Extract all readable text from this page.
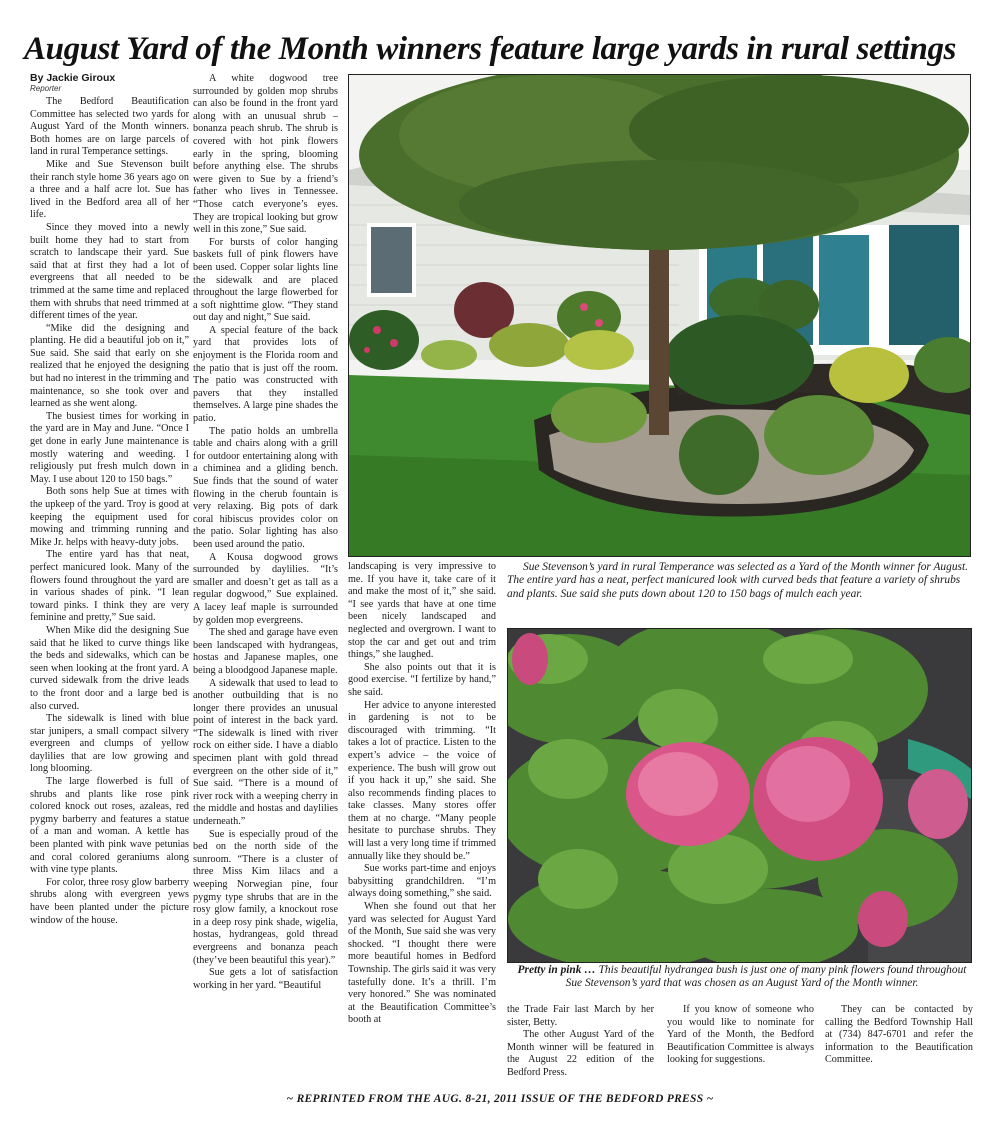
August Yard of the Month winners feature large yards in rural settings
By Jackie Giroux
Reporter

The Bedford Beautification Committee has selected two yards for August Yard of the Month winners. Both homes are on large parcels of land in rural Temperance settings.

Mike and Sue Stevenson built their ranch style home 36 years ago on a three and a half acre lot. Sue has lived in the Bedford area all of her life.

Since they moved into a newly built home they had to start from scratch to landscape their yard. Sue said that at first they had a lot of evergreens that all needed to be trimmed at the same time and replaced them with shrubs that need trimmed at different times of the year.

“Mike did the designing and planting. He did a beautiful job on it,” Sue said. She said that early on she realized that he enjoyed the designing but had no interest in the trimming and maintenance, so she took over and learned as she went along.

The busiest times for working in the yard are in May and June. “Once I get done in early June maintenance is mostly watering and weeding. I religiously put fresh mulch down in May. I use about 120 to 150 bags.”

Both sons help Sue at times with the upkeep of the yard. Troy is good at keeping the equipment used for mowing and trimming running and Mike Jr. helps with heavy-duty jobs.

The entire yard has that neat, perfect manicured look. Many of the flowers found throughout the yard are in various shades of pink. “I lean toward pinks. I think they are very feminine and pretty,” Sue said.

When Mike did the designing Sue said that he liked to curve things like the beds and sidewalks, which can be seen when looking at the front yard. A curved sidewalk from the drive leads to the front door and a large bed is also curved.

The sidewalk is lined with blue star junipers, a small compact silvery evergreen and clumps of yellow daylilies that are low growing and long blooming.

The large flowerbed is full of shrubs and plants like rose pink colored knock out roses, azaleas, red pygmy barberry and features a statue of a man and woman. A kettle has been planted with pink wave petunias and coral colored geraniums along with vine type plants.

For color, three rosy glow barberry shrubs along with evergreen yews have been planted under the picture window of the house.

A white dogwood tree surrounded by golden mop shrubs can also be found in the front yard along with an unusual shrub – bonanza peach shrub. The shrub is covered with hot pink flowers early in the spring, blooming before anything else. The shrubs were given to Sue by a friend’s father who lives in Tennessee. “Those catch everyone’s eyes. They are tropical looking but grow well in this zone,” Sue said.

For bursts of color hanging baskets full of pink flowers have been used. Copper solar lights line the sidewalk and are placed throughout the large flowerbed for a soft nighttime glow. “They stand out day and night,” Sue said.

A special feature of the back yard that provides lots of enjoyment is the Florida room and the patio that is just off the room. The patio was constructed with pavers that they installed themselves. A large pine shades the patio.

The patio holds an umbrella table and chairs along with a grill for outdoor entertaining along with a chiminea and a gliding bench. Sue finds that the sound of water flowing in the cherub fountain is very relaxing. Big pots of dark coral hibiscus provides color on the patio. Solar lighting has also been used around the patio.

A Kousa dogwood grows surrounded by daylilies. “It’s smaller and doesn’t get as tall as a regular dogwood,” Sue explained. A lacey leaf maple is surrounded by golden mop evergreens.

The shed and garage have even been landscaped with hydrangeas, hostas and Japanese maples, one being a bloodgood Japanese maple.

A sidewalk that used to lead to another outbuilding that is no longer there provides an unusual point of interest in the back yard. “The sidewalk is lined with river rock on either side. I have a diablo specimen plant with gold thread evergreen on the other side of it,” Sue said. “There is a mound of river rock with a weeping cherry in the middle and hostas and daylilies underneath.”

Sue is especially proud of the bed on the north side of the sunroom. “There is a cluster of three Miss Kim lilacs and a weeping Norwegian pine, four pygmy type shrubs that are in the rosy glow family, a knockout rose in a deep rosy pink shade, wigelia, hostas, hydrangeas, gold thread evergreens and bonanza peach (they’ve been beautiful this year).”

Sue gets a lot of satisfaction working in her yard. “Beautiful

landscaping is very impressive to me. If you have it, take care of it and make the most of it,” she said. “I see yards that have at one time been nicely landscaped and neglected and overgrown. I want to stop the car and get out and trim things,” she laughed.

She also points out that it is good exercise. “I fertilize by hand,” she said.

Her advice to anyone interested in gardening is not to be discouraged with trimming. “It takes a lot of practice. Listen to the expert’s advice – the voice of experience. The bush will grow out if you hack it up,” she said. She also recommends finding places to take classes. Many stores offer them at no charge. “Many people hesitate to purchase shrubs. They will last a very long time if trimmed annually like they should be.”

Sue works part-time and enjoys babysitting grandchildren. “I’m always doing something,” she said.

When she found out that her yard was selected for August Yard of the Month, Sue said she was very shocked. “I thought there were more beautiful homes in Bedford Township. The girls said it was very tastefully done. It’s a thrill. I’m very honored.” She was nominated at the Beautification Committee’s booth at

the Trade Fair last March by her sister, Betty.

The other August Yard of the Month winner will be featured in the August 22 edition of the Bedford Press.

If you know of someone who you would like to nominate for Yard of the Month, the Bedford Beautification Committee is always looking for suggestions.

They can be contacted by calling the Bedford Township Hall at (734) 847-6701 and refer the information to the Beautification Committee.

Sue Stevenson’s yard in rural Temperance was selected as a Yard of the Month winner for August. The entire yard has a neat, perfect manicured look with curved beds that feature a variety of shrubs and plants. Sue said she puts down about 120 to 150 bags of mulch each year.

Pretty in pink … This beautiful hydrangea bush is just one of many pink flowers found throughout Sue Stevenson’s yard that was chosen as an August Yard of the Month winner.

~ REPRINTED FROM THE AUG. 8-21, 2011 ISSUE OF THE BEDFORD PRESS ~
